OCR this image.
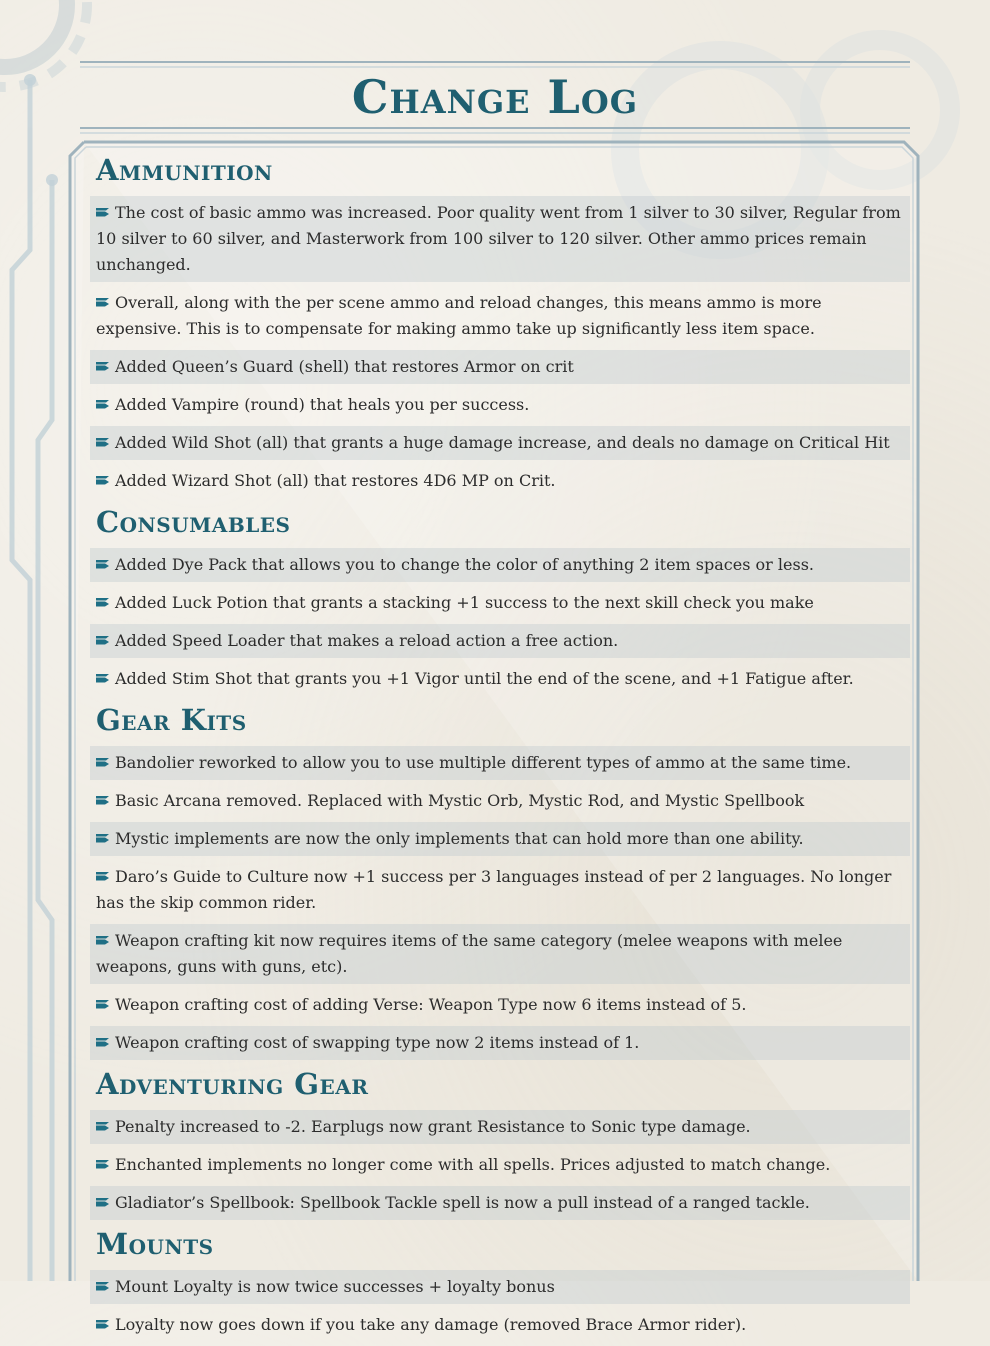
Change Log
Ammunition
The cost of basic ammo was increased. Poor quality went from 1 silver to 30 silver, Regular from 10 silver to 60 silver, and Masterwork from 100 silver to 120 silver. Other ammo prices remain unchanged.
Overall, along with the per scene ammo and reload changes, this means ammo is more expensive. This is to compensate for making ammo take up significantly less item space.
Added Queen’s Guard (shell) that restores Armor on crit
Added Vampire (round) that heals you per success.
Added Wild Shot (all) that grants a huge damage increase, and deals no damage on Critical Hit
Added Wizard Shot (all) that restores 4D6 MP on Crit.
Consumables
Added Dye Pack that allows you to change the color of anything 2 item spaces or less.
Added Luck Potion that grants a stacking +1 success to the next skill check you make
Added Speed Loader that makes a reload action a free action.
Added Stim Shot that grants you +1 Vigor until the end of the scene, and +1 Fatigue after.
Gear Kits
Bandolier reworked to allow you to use multiple different types of ammo at the same time.
Basic Arcana removed. Replaced with Mystic Orb, Mystic Rod, and Mystic Spellbook
Mystic implements are now the only implements that can hold more than one ability.
Daro’s Guide to Culture now +1 success per 3 languages instead of per 2 languages. No longer has the skip common rider.
Weapon crafting kit now requires items of the same category (melee weapons with melee weapons, guns with guns, etc).
Weapon crafting cost of adding Verse: Weapon Type now 6 items instead of 5.
Weapon crafting cost of swapping type now 2 items instead of 1.
Adventuring Gear
Penalty increased to -2. Earplugs now grant Resistance to Sonic type damage.
Enchanted implements no longer come with all spells. Prices adjusted to match change.
Gladiator’s Spellbook: Spellbook Tackle spell is now a pull instead of a ranged tackle.
Mounts
Mount Loyalty is now twice successes + loyalty bonus
Loyalty now goes down if you take any damage (removed Brace Armor rider).
